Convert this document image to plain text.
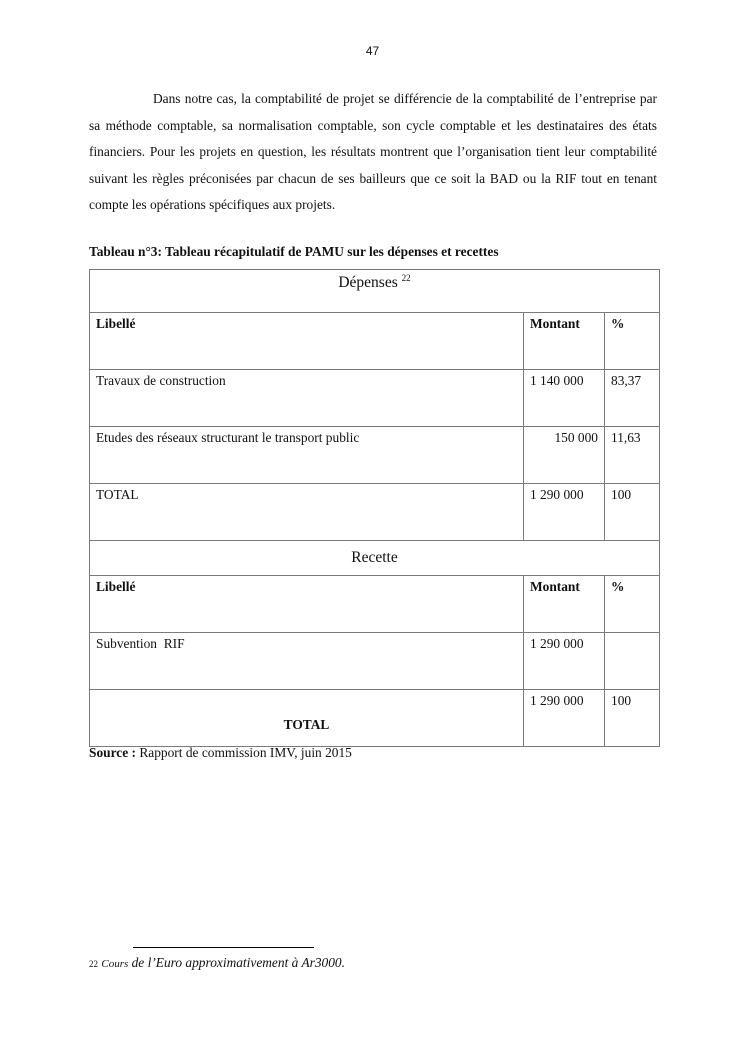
47

Dans notre cas, la comptabilité de projet se différencie de la comptabilité de l’entreprise par sa méthode comptable, sa normalisation comptable, son cycle comptable et les destinataires des états financiers. Pour les projets en question, les résultats montrent que l’organisation tient leur comptabilité suivant les règles préconisées par chacun de ses bailleurs que ce soit la BAD ou la RIF tout en tenant compte les opérations spécifiques aux projets.

Tableau n°3: Tableau récapitulatif de PAMU sur les dépenses et recettes
Dépenses $^{22}$
Libellé	Montant	%
Travaux de construction	1 140 000	83,37
Etudes des réseaux structurant le transport public	150 000	11,63
TOTAL	1 290 000	100
Recette		
Libellé	Montant	%
Subvention  RIF	1 290 000	

TOTAL	1 290 000	100
Source : Rapport de commission IMV, juin 2015
22 Cours de l’Euro approximativement à Ar3000.
